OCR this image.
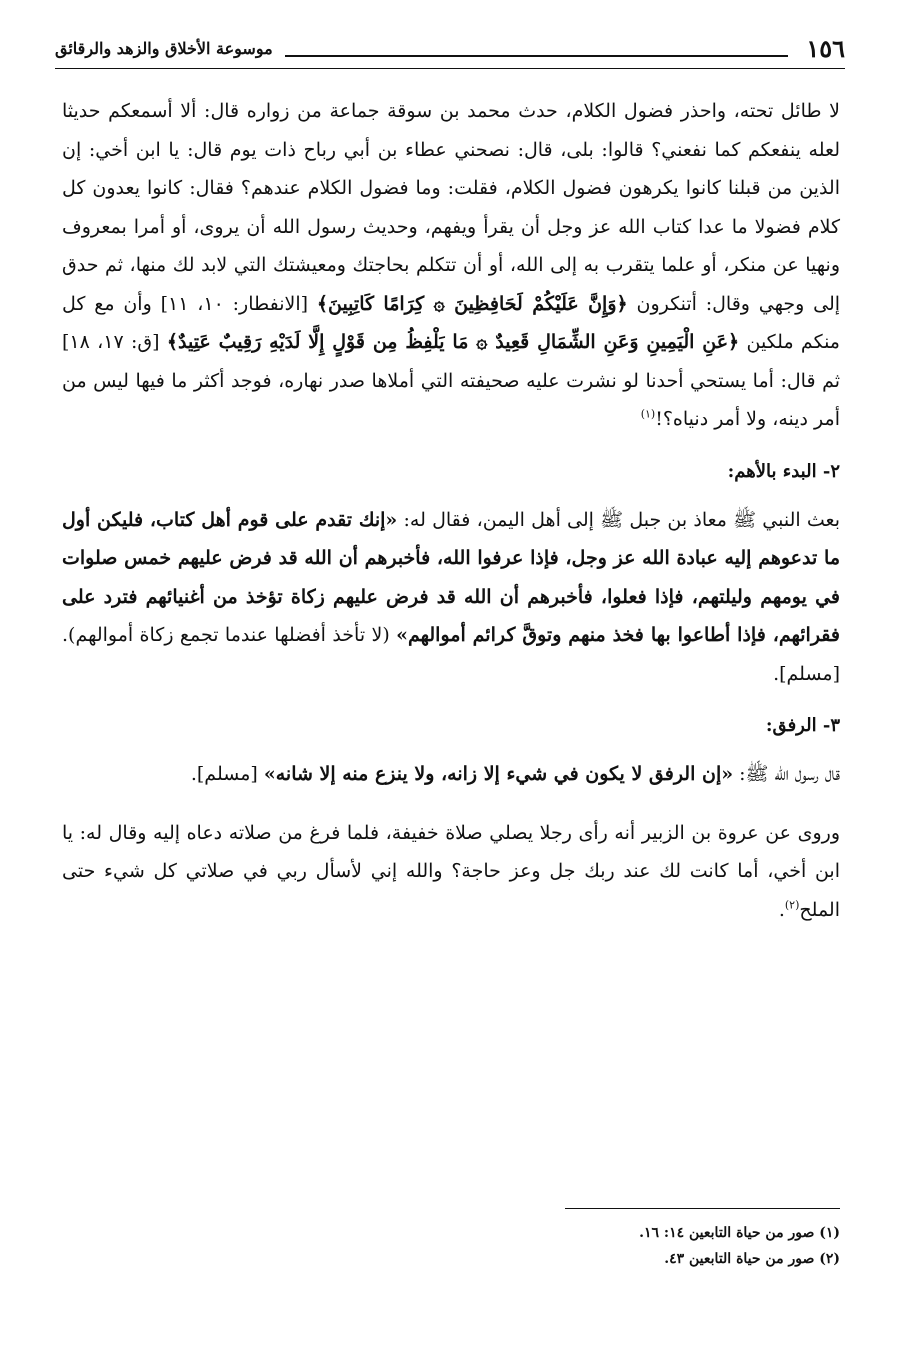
١٥٦
موسوعة الأخلاق والزهد والرقائق

لا طائل تحته، واحذر فضول الكلام، حدث محمد بن سوقة جماعة من زواره قال: ألا أسمعكم حديثا لعله ينفعكم كما نفعني؟ قالوا: بلى، قال: نصحني عطاء بن أبي رباح ذات يوم قال: يا ابن أخي: إن الذين من قبلنا كانوا يكرهون فضول الكلام، فقلت: وما فضول الكلام عندهم؟ فقال: كانوا يعدون كل كلام فضولا ما عدا كتاب الله عز وجل أن يقرأ ويفهم، وحديث رسول الله أن يروى، أو أمرا بمعروف ونهيا عن منكر، أو علما يتقرب به إلى الله، أو أن تتكلم بحاجتك ومعيشتك التي لابد لك منها، ثم حدق إلى وجهي وقال: أتنكرون ﴿وَإِنَّ عَلَيْكُمْ لَحَافِظِينَ ۞ كِرَامًا كَاتِبِينَ﴾ [الانفطار: ١٠، ١١] وأن مع كل منكم ملكين ﴿عَنِ الْيَمِينِ وَعَنِ الشِّمَالِ قَعِيدٌ ۞ مَا يَلْفِظُ مِن قَوْلٍ إِلَّا لَدَيْهِ رَقِيبٌ عَتِيدٌ﴾ [ق: ١٧، ١٨] ثم قال: أما يستحي أحدنا لو نشرت عليه صحيفته التي أملاها صدر نهاره، فوجد أكثر ما فيها ليس من أمر دينه، ولا أمر دنياه؟!$^{(١)}$

٢- البدء بالأهم:

بعث النبي ﷺ معاذ بن جبل ﷺ إلى أهل اليمن، فقال له: «إنك تقدم على قوم أهل كتاب، فليكن أول ما تدعوهم إليه عبادة الله عز وجل، فإذا عرفوا الله، فأخبرهم أن الله قد فرض عليهم خمس صلوات في يومهم وليلتهم، فإذا فعلوا، فأخبرهم أن الله قد فرض عليهم زكاة تؤخذ من أغنيائهم فترد على فقرائهم، فإذا أطاعوا بها فخذ منهم وتوقَّ كرائم أموالهم» (لا تأخذ أفضلها عندما تجمع زكاة أموالهم). [مسلم].

٣- الرفق:

قال رسول الله ﷺ: «إن الرفق لا يكون في شيء إلا زانه، ولا ينزع منه إلا شانه» [مسلم].

وروى عن عروة بن الزبير أنه رأى رجلا يصلي صلاة خفيفة، فلما فرغ من صلاته دعاه إليه وقال له: يا ابن أخي، أما كانت لك عند ربك جل وعز حاجة؟ والله إني لأسأل ربي في صلاتي كل شيء حتى الملح$^{(٢)}$.

(١) صور من حياة التابعين ١٤: ١٦.

(٢) صور من حياة التابعين ٤٣.
